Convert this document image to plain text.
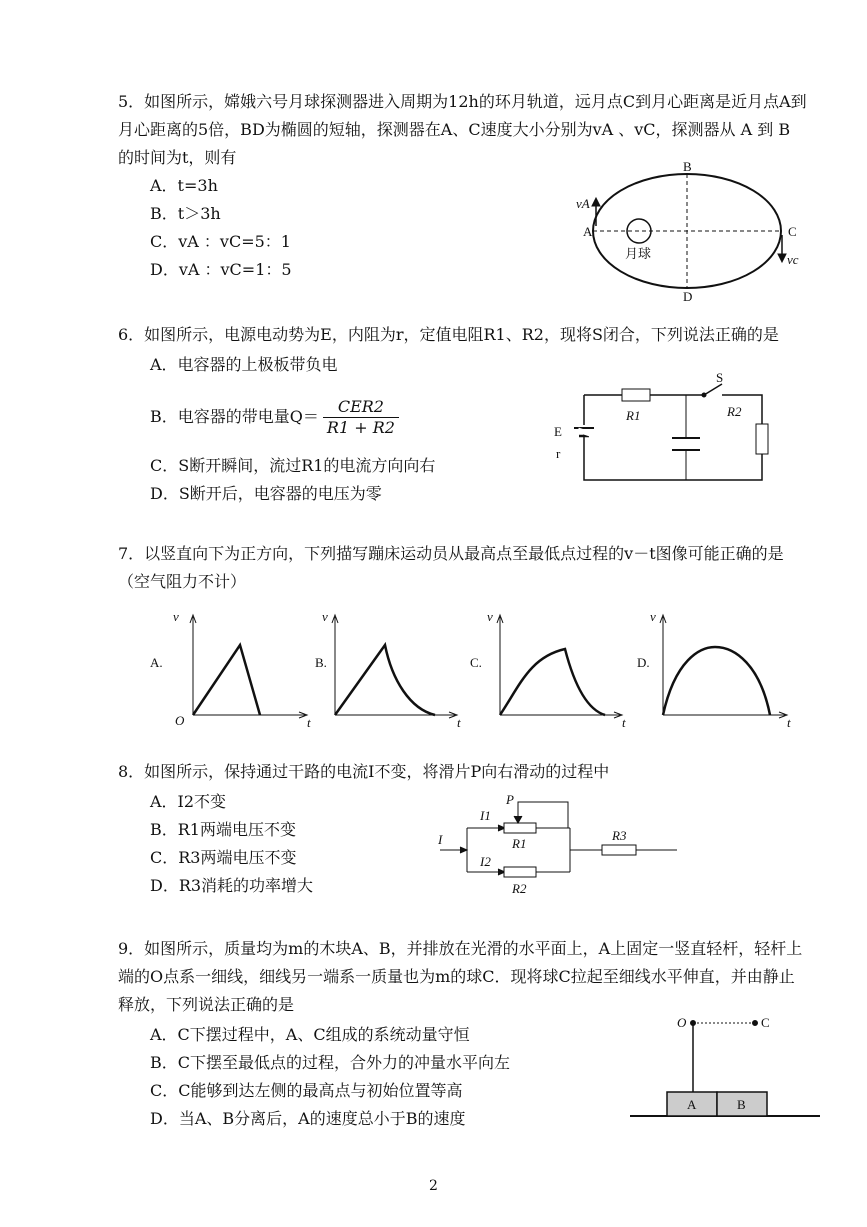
5．如图所示，嫦娥六号月球探测器进入周期为12h的环月轨道，远月点C到月心距离是近月点A到月心距离的5倍，BD为椭圆的短轴，探测器在A、C速度大小分别为vA 、vC，探测器从 A 到 B 的时间为t，则有

A．t=3h

B．t＞3h

C．vA ：vC=5：1

D．vA ：vC=1：5

B
D
A	C
vA
vc
月球

6．如图所示，电源电动势为E，内阻为r，定值电阻R1、R2，现将S闭合，下列说法正确的是

A．电容器的上极板带负电

B．电容器的带电量$Q= \frac{\text{CER2}}{R1 + R2}$

C．S断开瞬间，流过R1的电流方向向右

D．S断开后，电容器的电压为零

E
r
R1	R2
S

7．以竖直向下为正方向，下列描写蹦床运动员从最高点至最低点过程的v－t图像可能正确的是（空气阻力不计）

A.
v
t
O
B.
v
t
C.
v
t
D.
v
t

8．如图所示，保持通过干路的电流I不变，将滑片P向右滑动的过程中

A．I2不变

B．R1两端电压不变

C．R3两端电压不变

D．R3消耗的功率增大

I
I1
I2
P
R1
R2
R3

9．如图所示，质量均为m的木块A、B，并排放在光滑的水平面上，A上固定一竖直轻杆，轻杆上端的O点系一细线，细线另一端系一质量也为m的球C．现将球C拉起至细线水平伸直，并由静止释放，下列说法正确的是

A．C下摆过程中，A、C组成的系统动量守恒

B．C下摆至最低点的过程，合外力的冲量水平向左

C．C能够到达左侧的最高点与初始位置等高

D．当A、B分离后，A的速度总小于B的速度

O	C
A	B
2
